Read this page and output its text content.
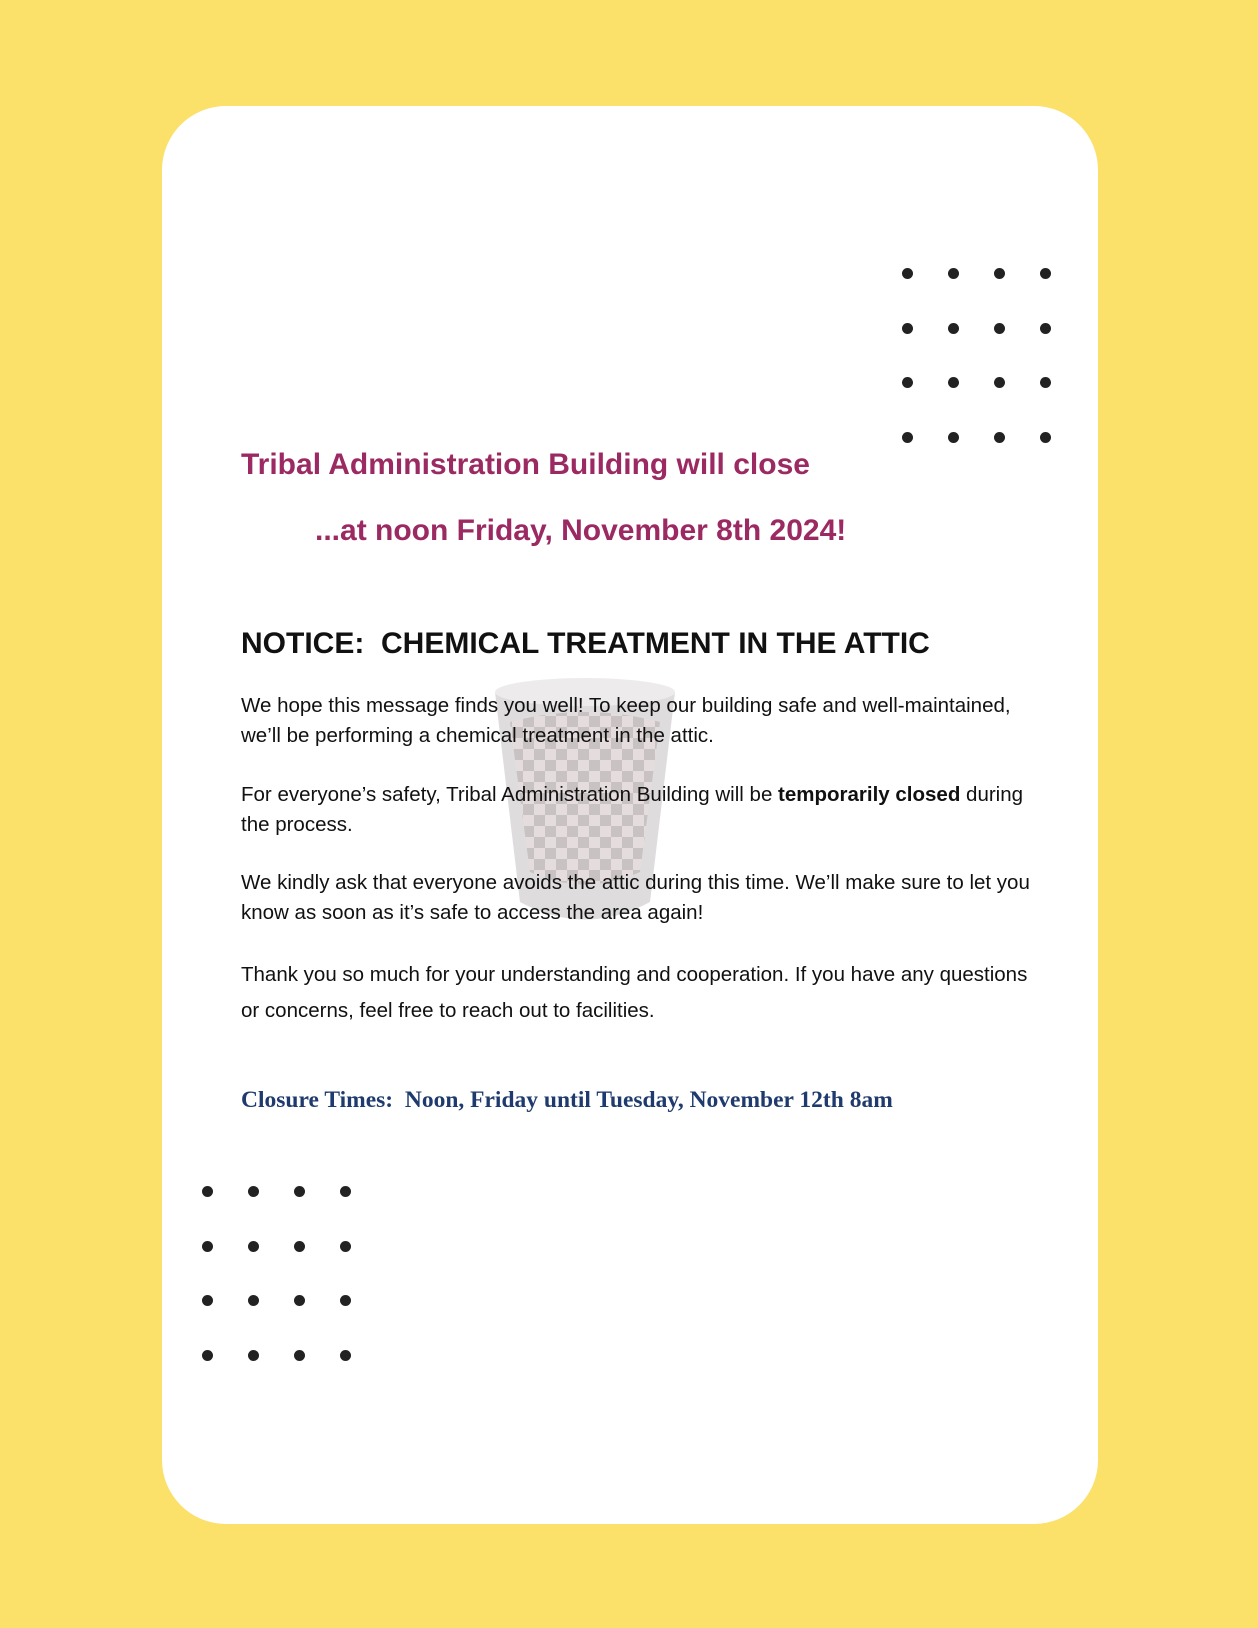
Tribal Administration Building will close

...at noon Friday, November 8th 2024!

NOTICE:  CHEMICAL TREATMENT IN THE ATTIC

We hope this message finds you well! To keep our building safe and well-maintained, we’ll be performing a chemical treatment in the attic.

For everyone’s safety, Tribal Administration Building will be temporarily closed during the process.

We kindly ask that everyone avoids the attic during this time. We’ll make sure to let you know as soon as it’s safe to access the area again!

Thank you so much for your understanding and cooperation. If you have any questions or concerns, feel free to reach out to facilities.

Closure Times:  Noon, Friday until Tuesday, November 12th 8am
